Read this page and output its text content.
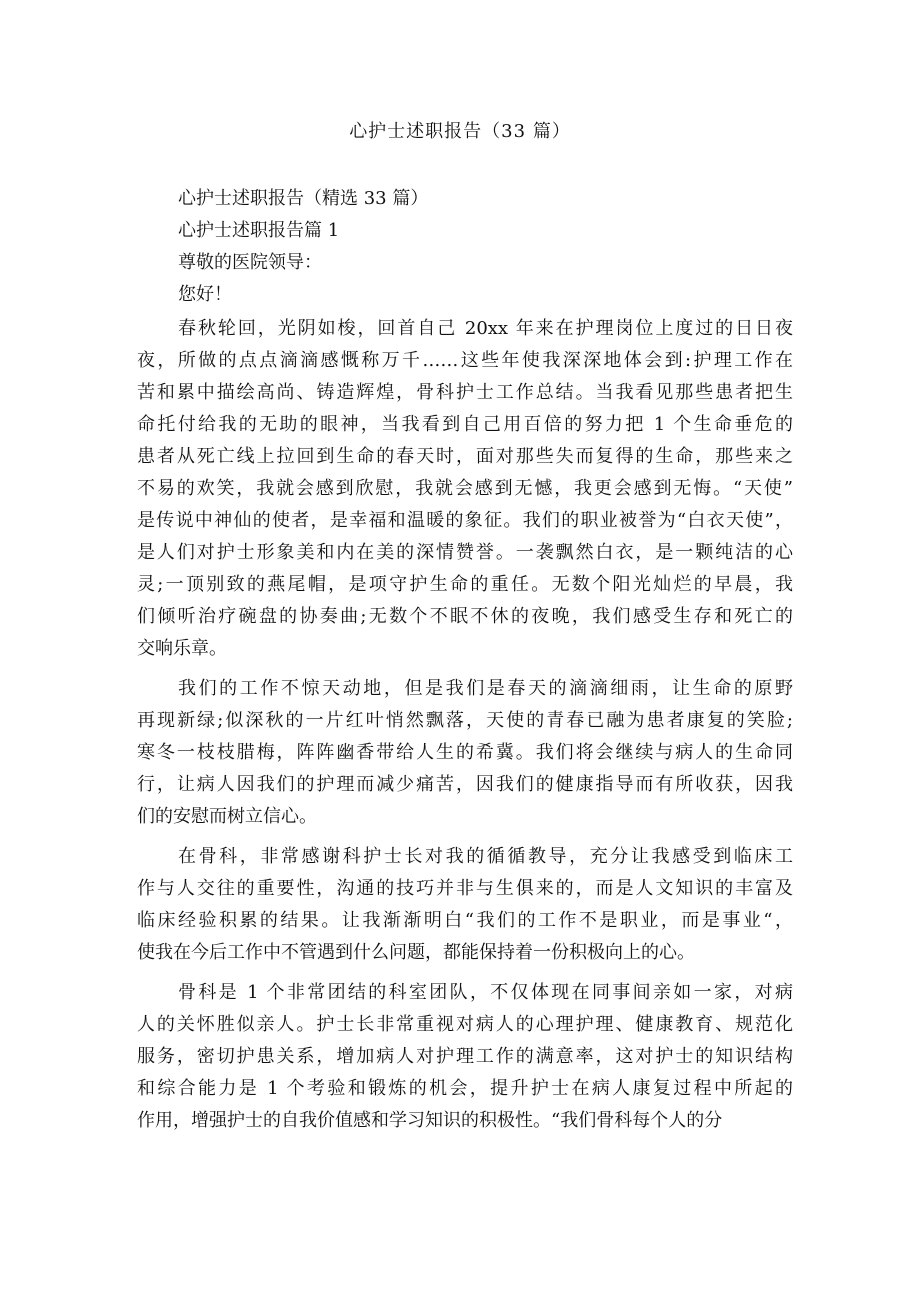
心护士述职报告（33 篇）

心护士述职报告（精选 33 篇）

心护士述职报告篇 1

尊敬的医院领导：

您好！

春秋轮回，光阴如梭，回首自己 20xx 年来在护理岗位上度过的日日夜
夜，所做的点点滴滴感慨称万千……这些年使我深深地体会到:护理工作在
苦和累中描绘高尚、铸造辉煌，骨科护士工作总结。当我看见那些患者把生
命托付给我的无助的眼神，当我看到自己用百倍的努力把 1 个生命垂危的
患者从死亡线上拉回到生命的春天时，面对那些失而复得的生命，那些来之
不易的欢笑，我就会感到欣慰，我就会感到无憾，我更会感到无悔。“天使”
是传说中神仙的使者，是幸福和温暖的象征。我们的职业被誉为“白衣天使”，
是人们对护士形象美和内在美的深情赞誉。一袭飘然白衣，是一颗纯洁的心
灵;一顶别致的燕尾帽，是项守护生命的重任。无数个阳光灿烂的早晨，我
们倾听治疗碗盘的协奏曲;无数个不眠不休的夜晚，我们感受生存和死亡的
交响乐章。
我们的工作不惊天动地，但是我们是春天的滴滴细雨，让生命的原野
再现新绿;似深秋的一片红叶悄然飘落，天使的青春已融为患者康复的笑脸;
寒冬一枝枝腊梅，阵阵幽香带给人生的希冀。我们将会继续与病人的生命同
行，让病人因我们的护理而减少痛苦，因我们的健康指导而有所收获，因我
们的安慰而树立信心。
在骨科，非常感谢科护士长对我的循循教导，充分让我感受到临床工
作与人交往的重要性，沟通的技巧并非与生俱来的，而是人文知识的丰富及
临床经验积累的结果。让我渐渐明白“我们的工作不是职业，而是事业“，
使我在今后工作中不管遇到什么问题，都能保持着一份积极向上的心。
骨科是 1 个非常团结的科室团队，不仅体现在同事间亲如一家，对病
人的关怀胜似亲人。护士长非常重视对病人的心理护理、健康教育、规范化
服务，密切护患关系，增加病人对护理工作的满意率，这对护士的知识结构
和综合能力是 1 个考验和锻炼的机会，提升护士在病人康复过程中所起的
作用，增强护士的自我价值感和学习知识的积极性。“我们骨科每个人的分
